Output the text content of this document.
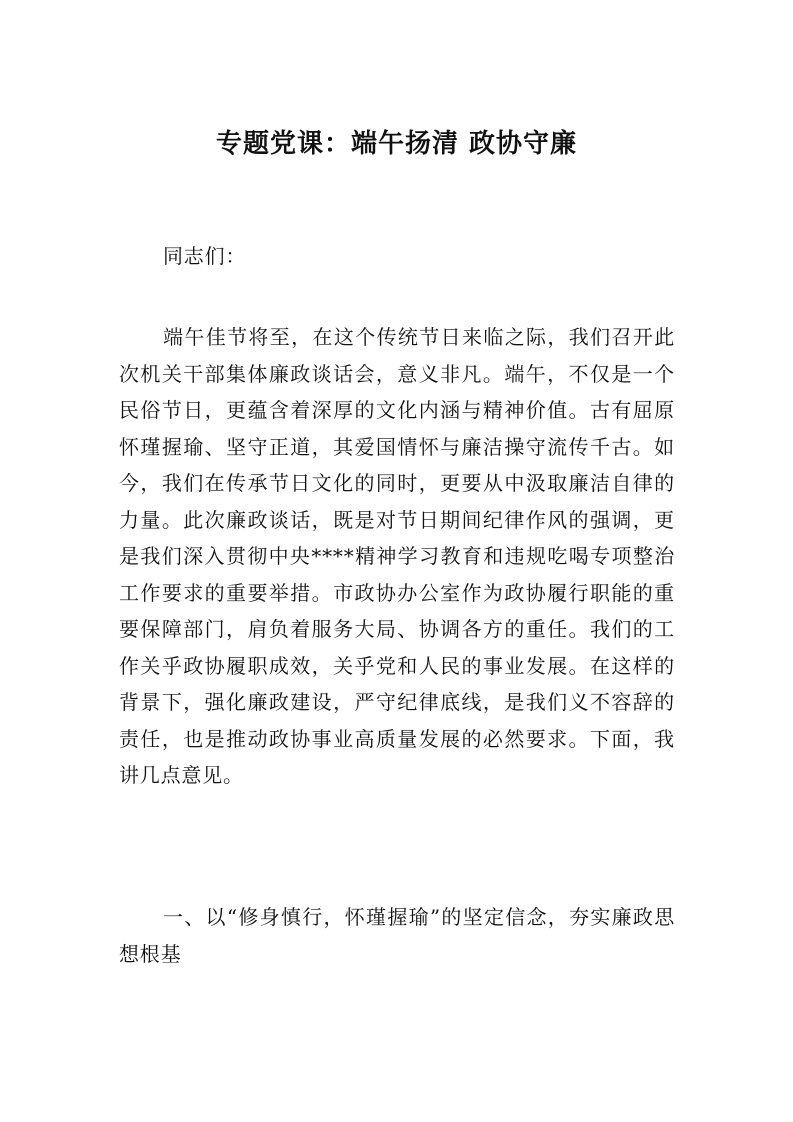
专题党课：端午扬清 政协守廉

同志们：

端午佳节将至，在这个传统节日来临之际，我们召开此次机关干部集体廉政谈话会，意义非凡。端午，不仅是一个民俗节日，更蕴含着深厚的文化内涵与精神价值。古有屈原怀瑾握瑜、坚守正道，其爱国情怀与廉洁操守流传千古。如今，我们在传承节日文化的同时，更要从中汲取廉洁自律的力量。此次廉政谈话，既是对节日期间纪律作风的强调，更是我们深入贯彻中央****精神学习教育和违规吃喝专项整治工作要求的重要举措。市政协办公室作为政协履行职能的重要保障部门，肩负着服务大局、协调各方的重任。我们的工作关乎政协履职成效，关乎党和人民的事业发展。在这样的背景下，强化廉政建设，严守纪律底线，是我们义不容辞的责任，也是推动政协事业高质量发展的必然要求。下面，我讲几点意见。

一、以“修身慎行，怀瑾握瑜”的坚定信念，夯实廉政思想根基
